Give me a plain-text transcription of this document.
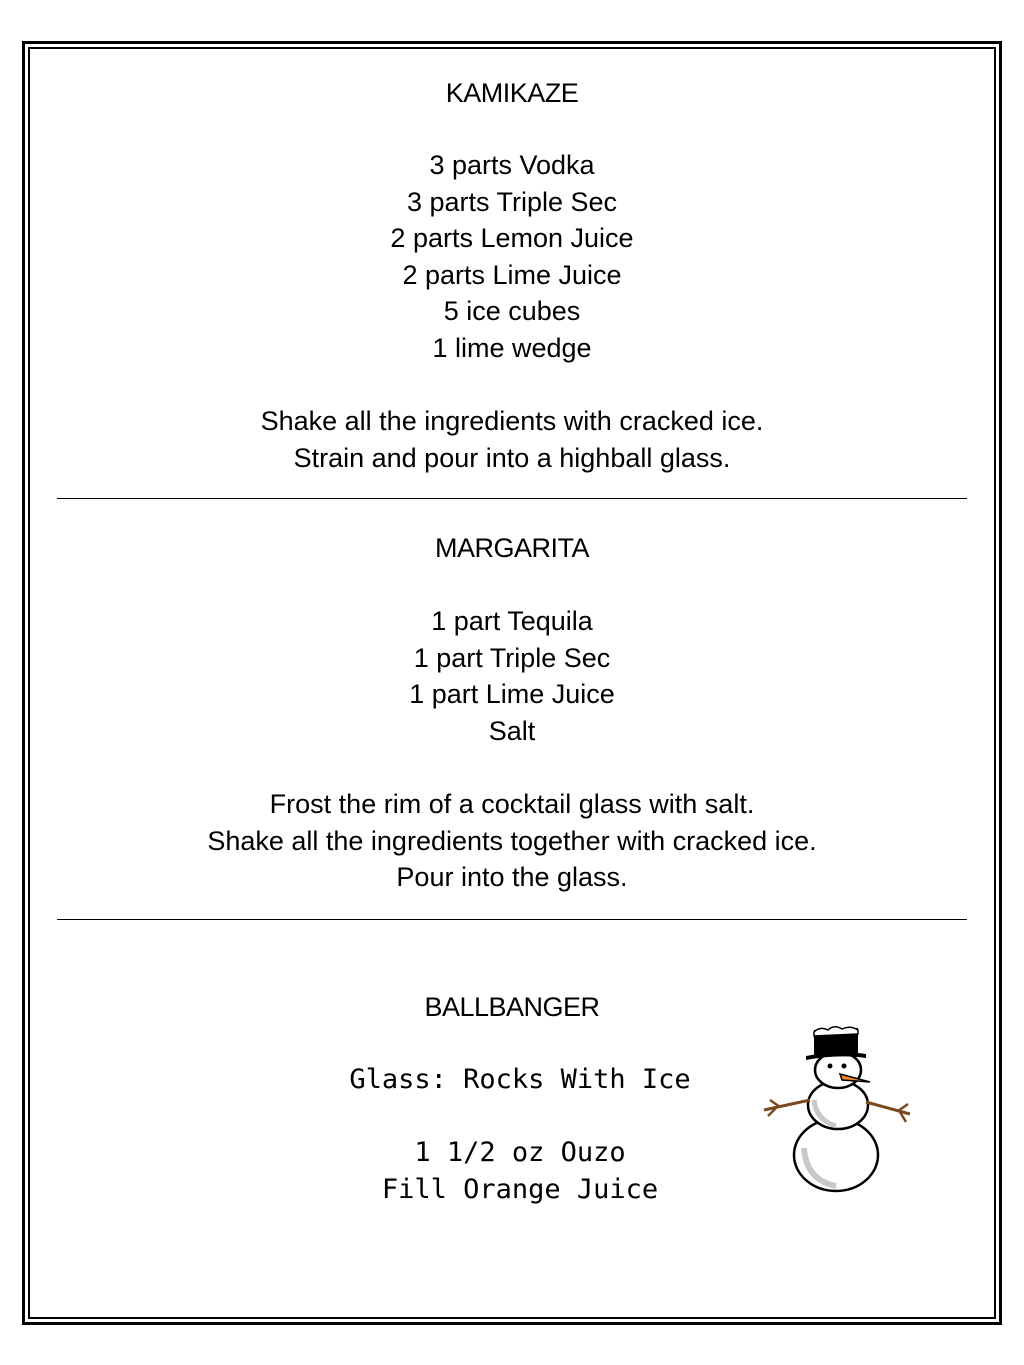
KAMIKAZE
3 parts Vodka
3 parts Triple Sec
2 parts Lemon Juice
2 parts Lime Juice
5 ice cubes
1 lime wedge
Shake all the ingredients with cracked ice.
Strain and pour into a highball glass.
MARGARITA
1 part Tequila
1 part Triple Sec
1 part Lime Juice
Salt
Frost the rim of a cocktail glass with salt.
Shake all the ingredients together with cracked ice.
Pour into the glass.
BALLBANGER
Glass: Rocks With Ice
1 1/2 oz Ouzo
Fill Orange Juice
